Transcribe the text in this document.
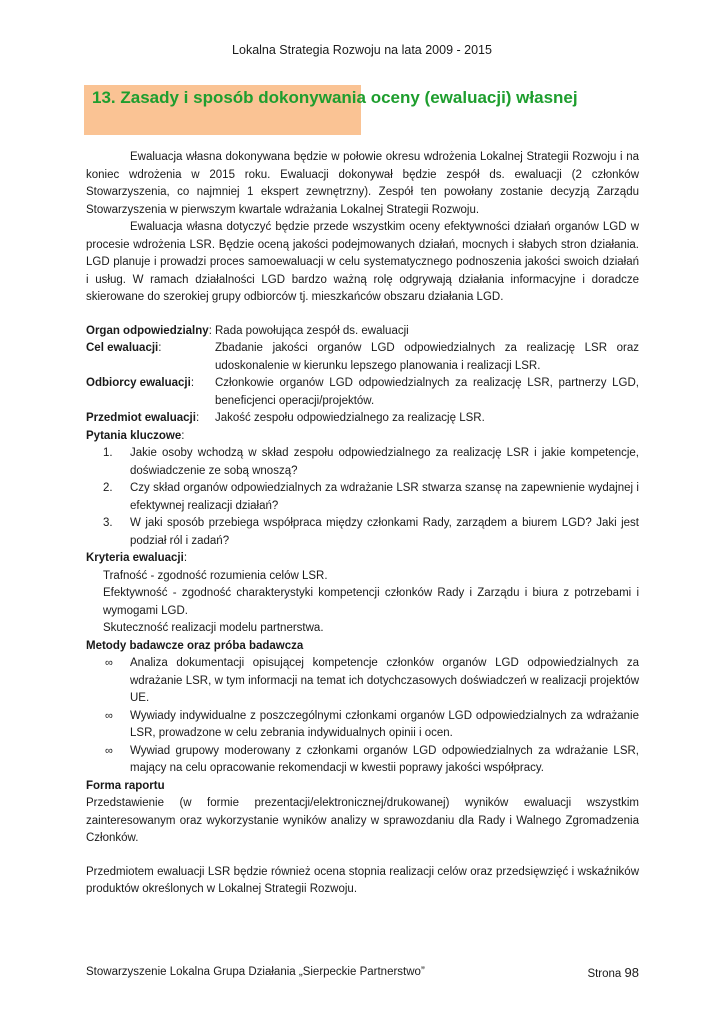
Lokalna Strategia Rozwoju na lata 2009 - 2015
13. Zasady i sposób dokonywania oceny (ewaluacji) własnej

Ewaluacja własna dokonywana będzie w połowie okresu wdrożenia Lokalnej Strategii Rozwoju i na koniec wdrożenia w 2015 roku. Ewaluacji dokonywał będzie zespół ds. ewaluacji (2 członków Stowarzyszenia, co najmniej 1 ekspert zewnętrzny). Zespół ten powołany zostanie decyzją Zarządu Stowarzyszenia w pierwszym kwartale wdrażania Lokalnej Strategii Rozwoju.

Ewaluacja własna dotyczyć będzie przede wszystkim oceny efektywności działań organów LGD w procesie wdrożenia LSR. Będzie oceną jakości podejmowanych działań, mocnych i słabych stron działania. LGD planuje i prowadzi proces samoewaluacji w celu systematycznego podnoszenia jakości swoich działań i usług. W ramach działalności LGD bardzo ważną rolę odgrywają działania informacyjne i doradcze skierowane do szerokiej grupy odbiorców tj. mieszkańców obszaru działania LGD.

Organ odpowiedzialny: Rada powołująca zespół ds. ewaluacji
Cel ewaluacji:	Zbadanie jakości organów LGD odpowiedzialnych za realizację LSR oraz udoskonalenie w kierunku lepszego planowania i realizacji LSR.
Odbiorcy ewaluacji:	Członkowie organów LGD odpowiedzialnych za realizację LSR, partnerzy LGD, beneficjenci operacji/projektów.
Przedmiot ewaluacji:	Jakość zespołu odpowiedzialnego za realizację LSR.

Pytania kluczowe:

1.	Jakie osoby wchodzą w skład zespołu odpowiedzialnego za realizację LSR i jakie kompetencje, doświadczenie ze sobą wnoszą?
2.	Czy skład organów odpowiedzialnych za wdrażanie LSR stwarza szansę na zapewnienie wydajnej i efektywnej realizacji działań?
3.	W jaki sposób przebiega współpraca między członkami Rady, zarządem a biurem LGD? Jaki jest podział ról i zadań?

Kryteria ewaluacji:

Trafność - zgodność rozumienia celów LSR.

Efektywność - zgodność charakterystyki kompetencji członków Rady i Zarządu i biura z potrzebami i wymogami LGD.

Skuteczność realizacji modelu partnerstwa.

Metody badawcze oraz próba badawcza

∞	Analiza dokumentacji opisującej kompetencje członków organów LGD odpowiedzialnych za wdrażanie LSR, w tym informacji na temat ich dotychczasowych doświadczeń w realizacji projektów UE.
∞	Wywiady indywidualne z poszczególnymi członkami organów LGD odpowiedzialnych za wdrażanie LSR, prowadzone w celu zebrania indywidualnych opinii i ocen.
∞	Wywiad grupowy moderowany z członkami organów LGD odpowiedzialnych za wdrażanie LSR, mający na celu opracowanie rekomendacji w kwestii poprawy jakości współpracy.

Forma raportu

Przedstawienie (w formie prezentacji/elektronicznej/drukowanej) wyników ewaluacji wszystkim zainteresowanym oraz wykorzystanie wyników analizy w sprawozdaniu dla Rady i Walnego Zgromadzenia Członków.

Przedmiotem ewaluacji LSR będzie również ocena stopnia realizacji celów oraz przedsięwzięć i wskaźników produktów określonych w Lokalnej Strategii Rozwoju.

Stowarzyszenie Lokalna Grupa Działania „Sierpeckie Partnerstwo”	Strona 98
